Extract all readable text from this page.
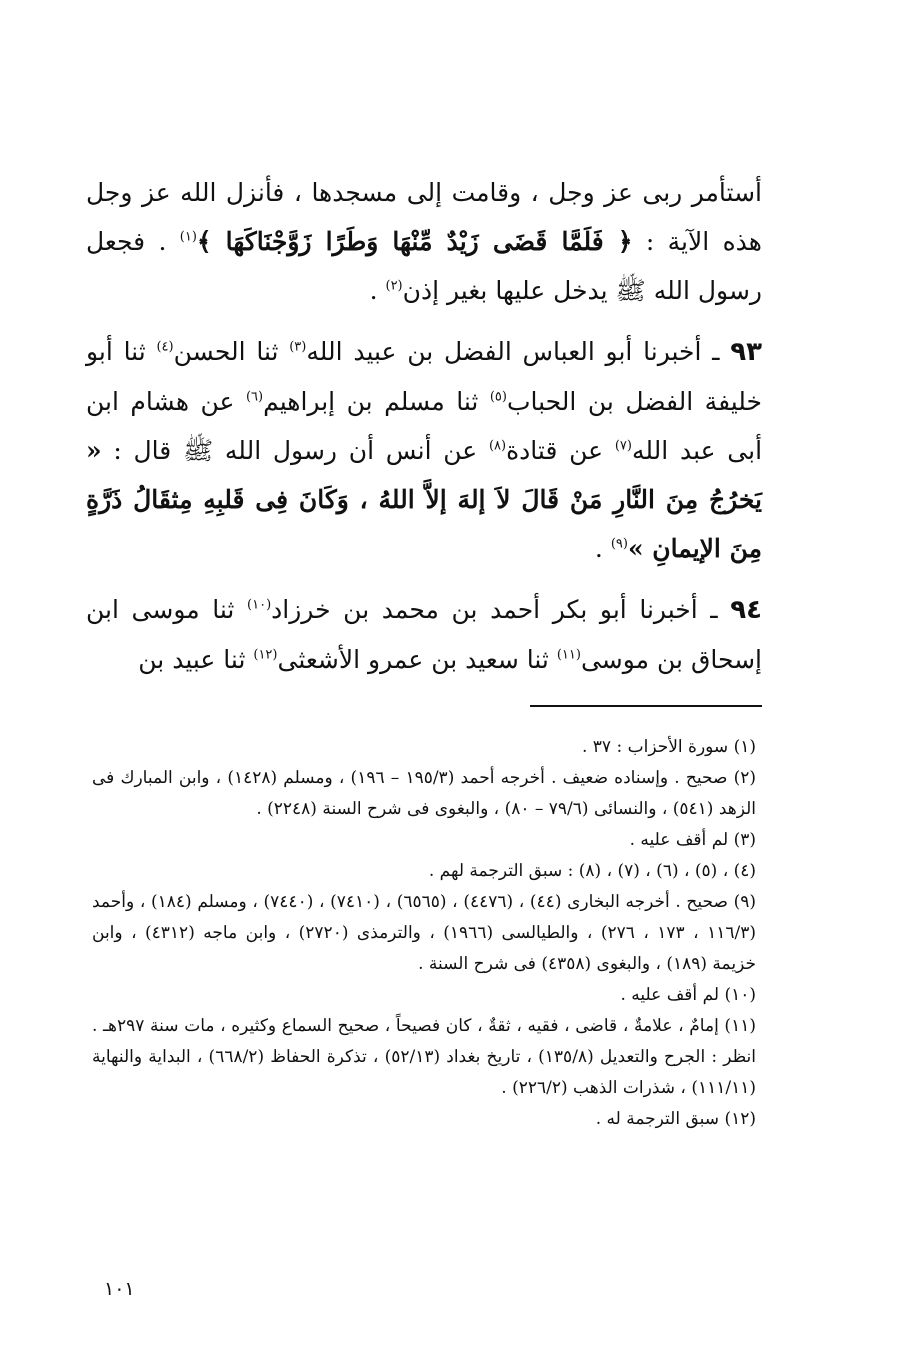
أستأمر ربى عز وجل ، وقامت إلى مسجدها ، فأنزل الله عز وجل هذه الآية : ﴿ فَلَمَّا قَضَى زَيْدٌ مِّنْهَا وَطَرًا زَوَّجْنَاكَهَا ﴾$^{(١)}$ . فجعل رسول الله ﷺ يدخل عليها بغير إذن$^{(٢)}$ .

٩٣ ـ أخبرنا أبو العباس الفضل بن عبيد الله$^{(٣)}$ ثنا الحسن$^{(٤)}$ ثنا أبو خليفة الفضل بن الحباب$^{(٥)}$ ثنا مسلم بن إبراهيم$^{(٦)}$ عن هشام ابن أبى عبد الله$^{(٧)}$ عن قتادة$^{(٨)}$ عن أنس أن رسول الله ﷺ قال : « يَخرُجُ مِنَ النَّارِ مَنْ قَالَ لاَ إلهَ إلاَّ اللهُ ، وَكَانَ فِى قَلبِهِ مِثقَالُ ذَرَّةٍ مِنَ الإيمانِ »$^{(٩)}$ .

٩٤ ـ أخبرنا أبو بكر أحمد بن محمد بن خرزاد$^{(١٠)}$ ثنا موسى ابن إسحاق بن موسى$^{(١١)}$ ثنا سعيد بن عمرو الأشعثى$^{(١٢)}$ ثنا عبيد بن

(١) سورة الأحزاب : ٣٧ .

(٢) صحيح . وإسناده ضعيف . أخرجه أحمد (١٩٥/٣ – ١٩٦) ، ومسلم (١٤٢٨) ، وابن المبارك فى الزهد (٥٤١) ، والنسائى (٧٩/٦ – ٨٠) ، والبغوى فى شرح السنة (٢٢٤٨) .

(٣) لم أقف عليه .

(٤) ، (٥) ، (٦) ، (٧) ، (٨) : سبق الترجمة لهم .

(٩) صحيح . أخرجه البخارى (٤٤) ، (٤٤٧٦) ، (٦٥٦٥) ، (٧٤١٠) ، (٧٤٤٠) ، ومسلم (١٨٤) ، وأحمد (١١٦/٣ ، ١٧٣ ، ٢٧٦) ، والطيالسى (١٩٦٦) ، والترمذى (٢٧٢٠) ، وابن ماجه (٤٣١٢) ، وابن خزيمة (١٨٩) ، والبغوى (٤٣٥٨) فى شرح السنة .

(١٠) لم أقف عليه .

(١١) إمامٌ ، علامةٌ ، قاضى ، فقيه ، ثقةٌ ، كان فصيحاً ، صحيح السماع وكثيره ، مات سنة ٢٩٧هـ . انظر : الجرح والتعديل (١٣٥/٨) ، تاريخ بغداد (٥٢/١٣) ، تذكرة الحفاظ (٦٦٨/٢) ، البداية والنهاية (١١١/١١) ، شذرات الذهب (٢٢٦/٢) .

(١٢) سبق الترجمة له .

١٠١
